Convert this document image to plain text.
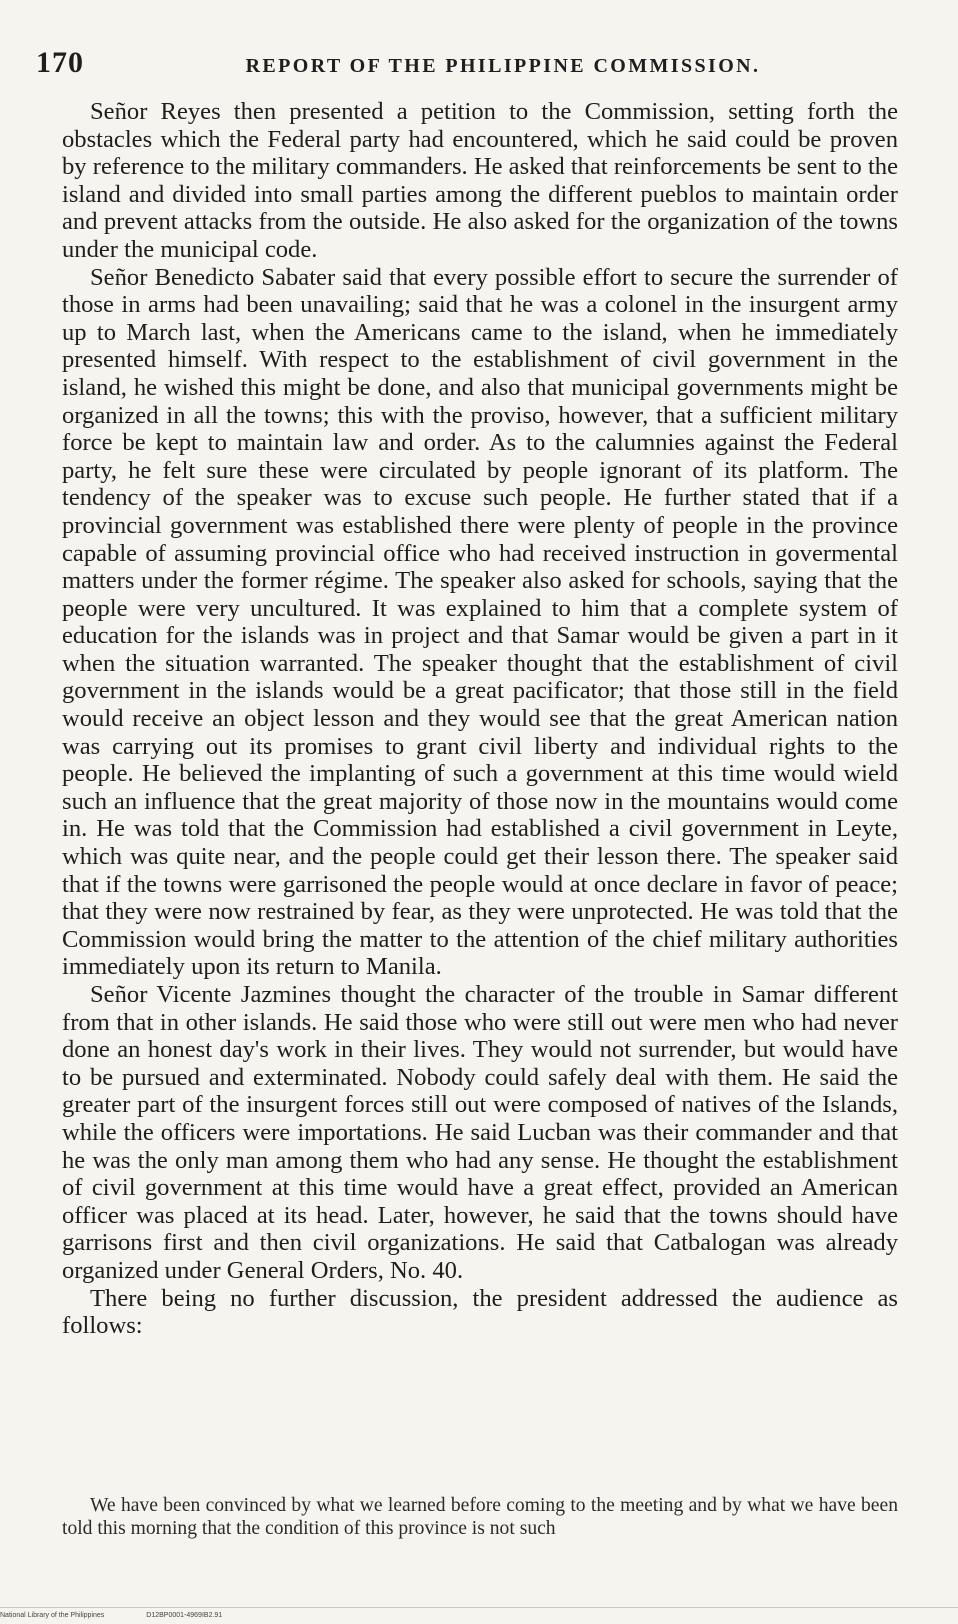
170	REPORT OF THE PHILIPPINE COMMISSION.

Señor Reyes then presented a petition to the Commission, setting forth the obstacles which the Federal party had encountered, which he said could be proven by reference to the military commanders. He asked that reinforcements be sent to the island and divided into small parties among the different pueblos to maintain order and prevent attacks from the outside. He also asked for the organization of the towns under the municipal code.

Señor Benedicto Sabater said that every possible effort to secure the surrender of those in arms had been unavailing; said that he was a colonel in the insurgent army up to March last, when the Americans came to the island, when he immediately presented himself. With respect to the establishment of civil government in the island, he wished this might be done, and also that municipal governments might be organized in all the towns; this with the proviso, however, that a sufficient military force be kept to maintain law and order. As to the calumnies against the Federal party, he felt sure these were circulated by people ignorant of its platform. The tendency of the speaker was to excuse such people. He further stated that if a provincial government was established there were plenty of people in the province capable of assuming provincial office who had received instruction in govermental matters under the former régime. The speaker also asked for schools, saying that the people were very uncultured. It was explained to him that a complete system of education for the islands was in project and that Samar would be given a part in it when the situation warranted. The speaker thought that the establishment of civil government in the islands would be a great pacificator; that those still in the field would receive an object lesson and they would see that the great American nation was carrying out its promises to grant civil liberty and individual rights to the people. He believed the implanting of such a government at this time would wield such an influence that the great majority of those now in the mountains would come in. He was told that the Commission had established a civil government in Leyte, which was quite near, and the people could get their lesson there. The speaker said that if the towns were garrisoned the people would at once declare in favor of peace; that they were now restrained by fear, as they were unprotected. He was told that the Commission would bring the matter to the attention of the chief military authorities immediately upon its return to Manila.

Señor Vicente Jazmines thought the character of the trouble in Samar different from that in other islands. He said those who were still out were men who had never done an honest day's work in their lives. They would not surrender, but would have to be pursued and exterminated. Nobody could safely deal with them. He said the greater part of the insurgent forces still out were composed of natives of the Islands, while the officers were importations. He said Lucban was their commander and that he was the only man among them who had any sense. He thought the establishment of civil government at this time would have a great effect, provided an American officer was placed at its head. Later, however, he said that the towns should have garrisons first and then civil organizations. He said that Catbalogan was already organized under General Orders, No. 40.

There being no further discussion, the president addressed the audience as follows:

We have been convinced by what we learned before coming to the meeting and by what we have been told this morning that the condition of this province is not such

National Library of the Philippines	D12BP0001-4969IB2.91
